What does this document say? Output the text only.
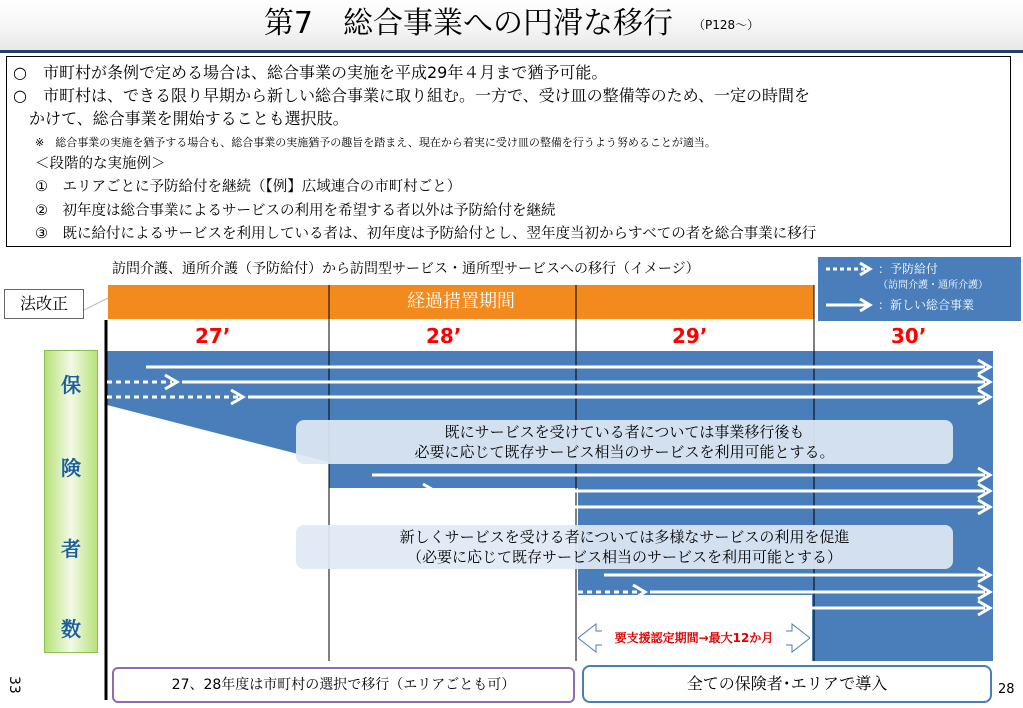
第7　総合事業への円滑な移行 （P128～）
○　市町村が条例で定める場合は、総合事業の実施を平成29年４月まで猶予可能。
○　市町村は、できる限り早期から新しい総合事業に取り組む。一方で、受け皿の整備等のため、一定の時間を
かけて、総合事業を開始することも選択肢。
※　総合事業の実施を猶予する場合も、総合事業の実施猶予の趣旨を踏まえ、現在から着実に受け皿の整備を行うよう努めることが適当。
＜段階的な実施例＞
①　エリアごとに予防給付を継続（【例】広域連合の市町村ごと）
②　初年度は総合事業によるサービスの利用を希望する者以外は予防給付を継続
③　既に給付によるサービスを利用している者は、初年度は予防給付とし、翌年度当初からすべての者を総合事業に移行
訪問介護、通所介護（予防給付）から訪問型サービス・通所型サービスへの移行（イメージ）	：予防給付
（訪問介護・通所介護）
：新しい総合事業
法改正	経過措置期間
27’	28’	29’	30’
保
険
者
数
既にサービスを受けている者については事業移行後も
必要に応じて既存サービス相当のサービスを利用可能とする。
新しくサービスを受ける者については多様なサービスの利用を促進
（必要に応じて既存サービス相当のサービスを利用可能とする）
要支援認定期間→最大12か月
27、28年度は市町村の選択で移行（エリアごとも可）	全ての保険者･エリアで導入
33	28
